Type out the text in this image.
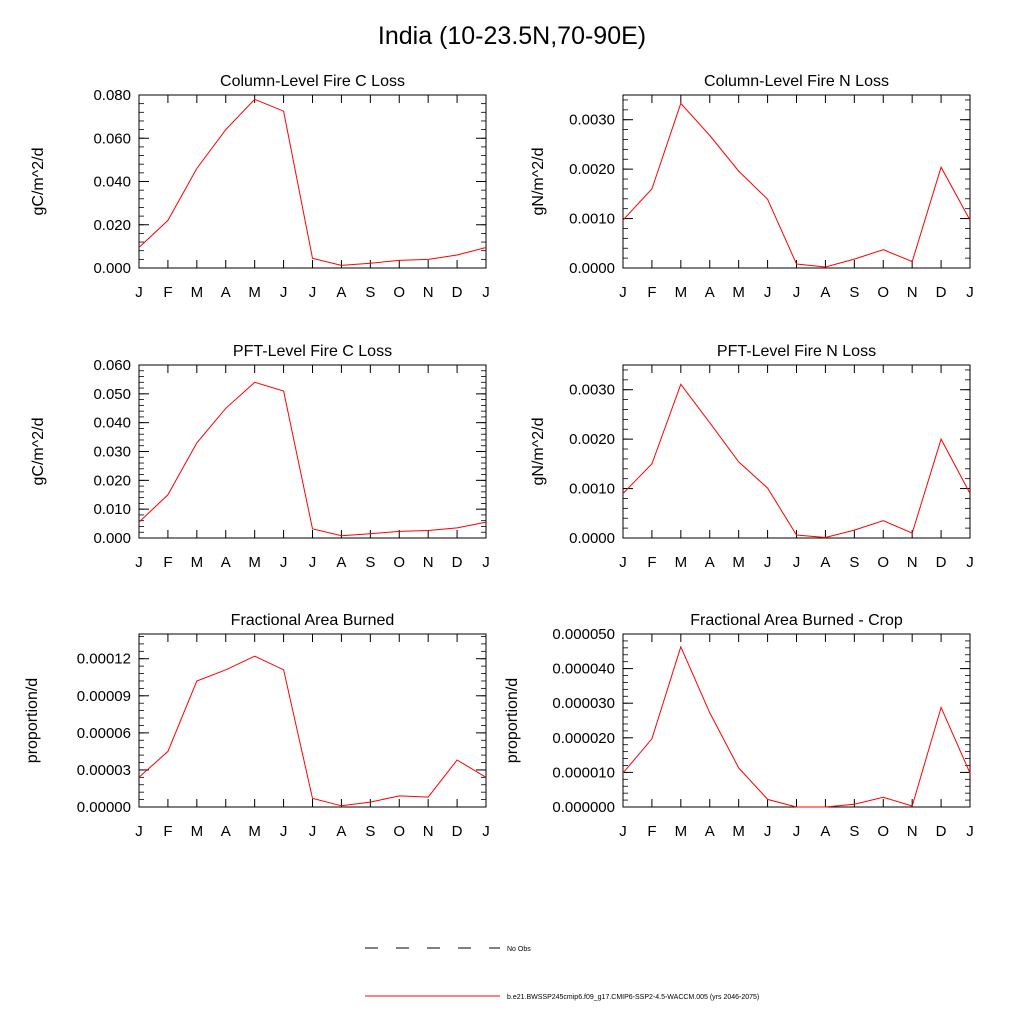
India (10-23.5N,70-90E)
Column-Level Fire C Loss
gC/m^2/d
0.000
0.020
0.040
0.060
0.080
J F M A M J J A S O N D J
Column-Level Fire N Loss
gN/m^2/d
0.0000
0.0010
0.0020
0.0030
J F M A M J J A S O N D J
PFT-Level Fire C Loss
gC/m^2/d
0.000
0.010
0.020
0.030
0.040
0.050
0.060
J F M A M J J A S O N D J
PFT-Level Fire N Loss
gN/m^2/d
0.0000
0.0010
0.0020
0.0030
J F M A M J J A S O N D J
Fractional Area Burned
proportion/d
0.00000
0.00003
0.00006
0.00009
0.00012
J F M A M J J A S O N D J
Fractional Area Burned - Crop
proportion/d
0.000000
0.000010
0.000020
0.000030
0.000040
0.000050
J F M A M J J A S O N D J
No Obs
b.e21.BWSSP245cmip6.f09_g17.CMIP6-SSP2-4.5-WACCM.005 (yrs 2046-2075)
